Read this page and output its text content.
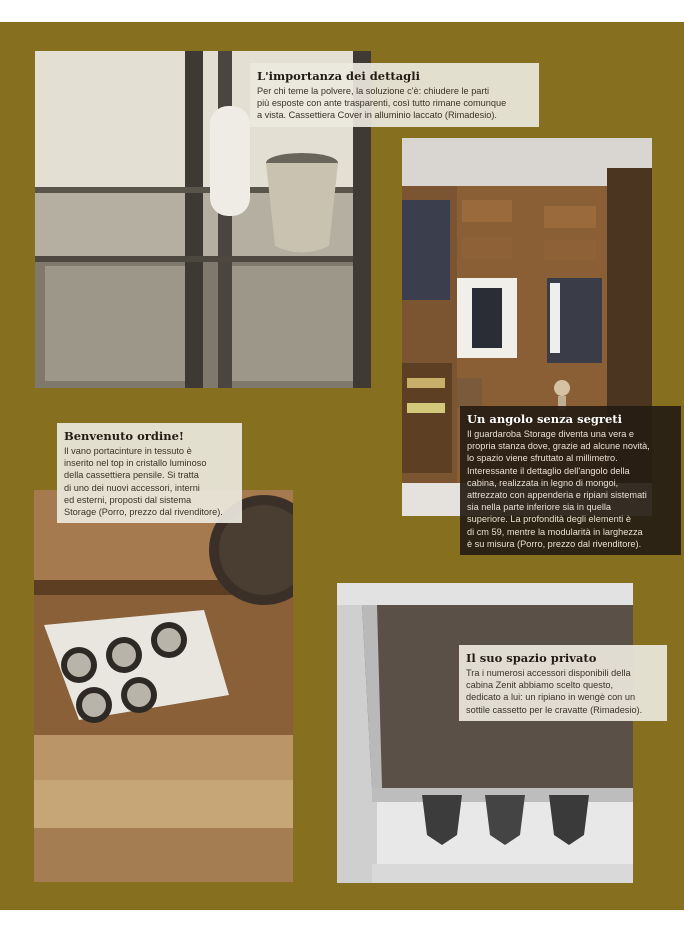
L'importanza dei dettagli

Per chi teme la polvere, la soluzione c'è: chiudere le parti
più esposte con ante trasparenti, così tutto rimane comunque
a vista. Cassettiera Cover in alluminio laccato (Rimadesio).

Un angolo senza segreti

Il guardaroba Storage diventa una vera e
propria stanza dove, grazie ad alcune novità,
lo spazio viene sfruttato al millimetro.
Interessante il dettaglio dell'angolo della
cabina, realizzata in legno di mongoi,
attrezzato con appenderia e ripiani sistemati
sia nella parte inferiore sia in quella
superiore. La profondità degli elementi è
di cm 59, mentre la modularità in larghezza
è su misura (Porro, prezzo dal rivenditore).

Benvenuto ordine!

Il vano portacinture in tessuto è
inserito nel top in cristallo luminoso
della cassettiera pensile. Si tratta
di uno dei nuovi accessori, interni
ed esterni, proposti dal sistema
Storage (Porro, prezzo dal rivenditore).

Il suo spazio privato

Tra i numerosi accessori disponibili della
cabina Zenit abbiamo scelto questo,
dedicato a lui: un ripiano in wengè con un
sottile cassetto per le cravatte (Rimadesio).
